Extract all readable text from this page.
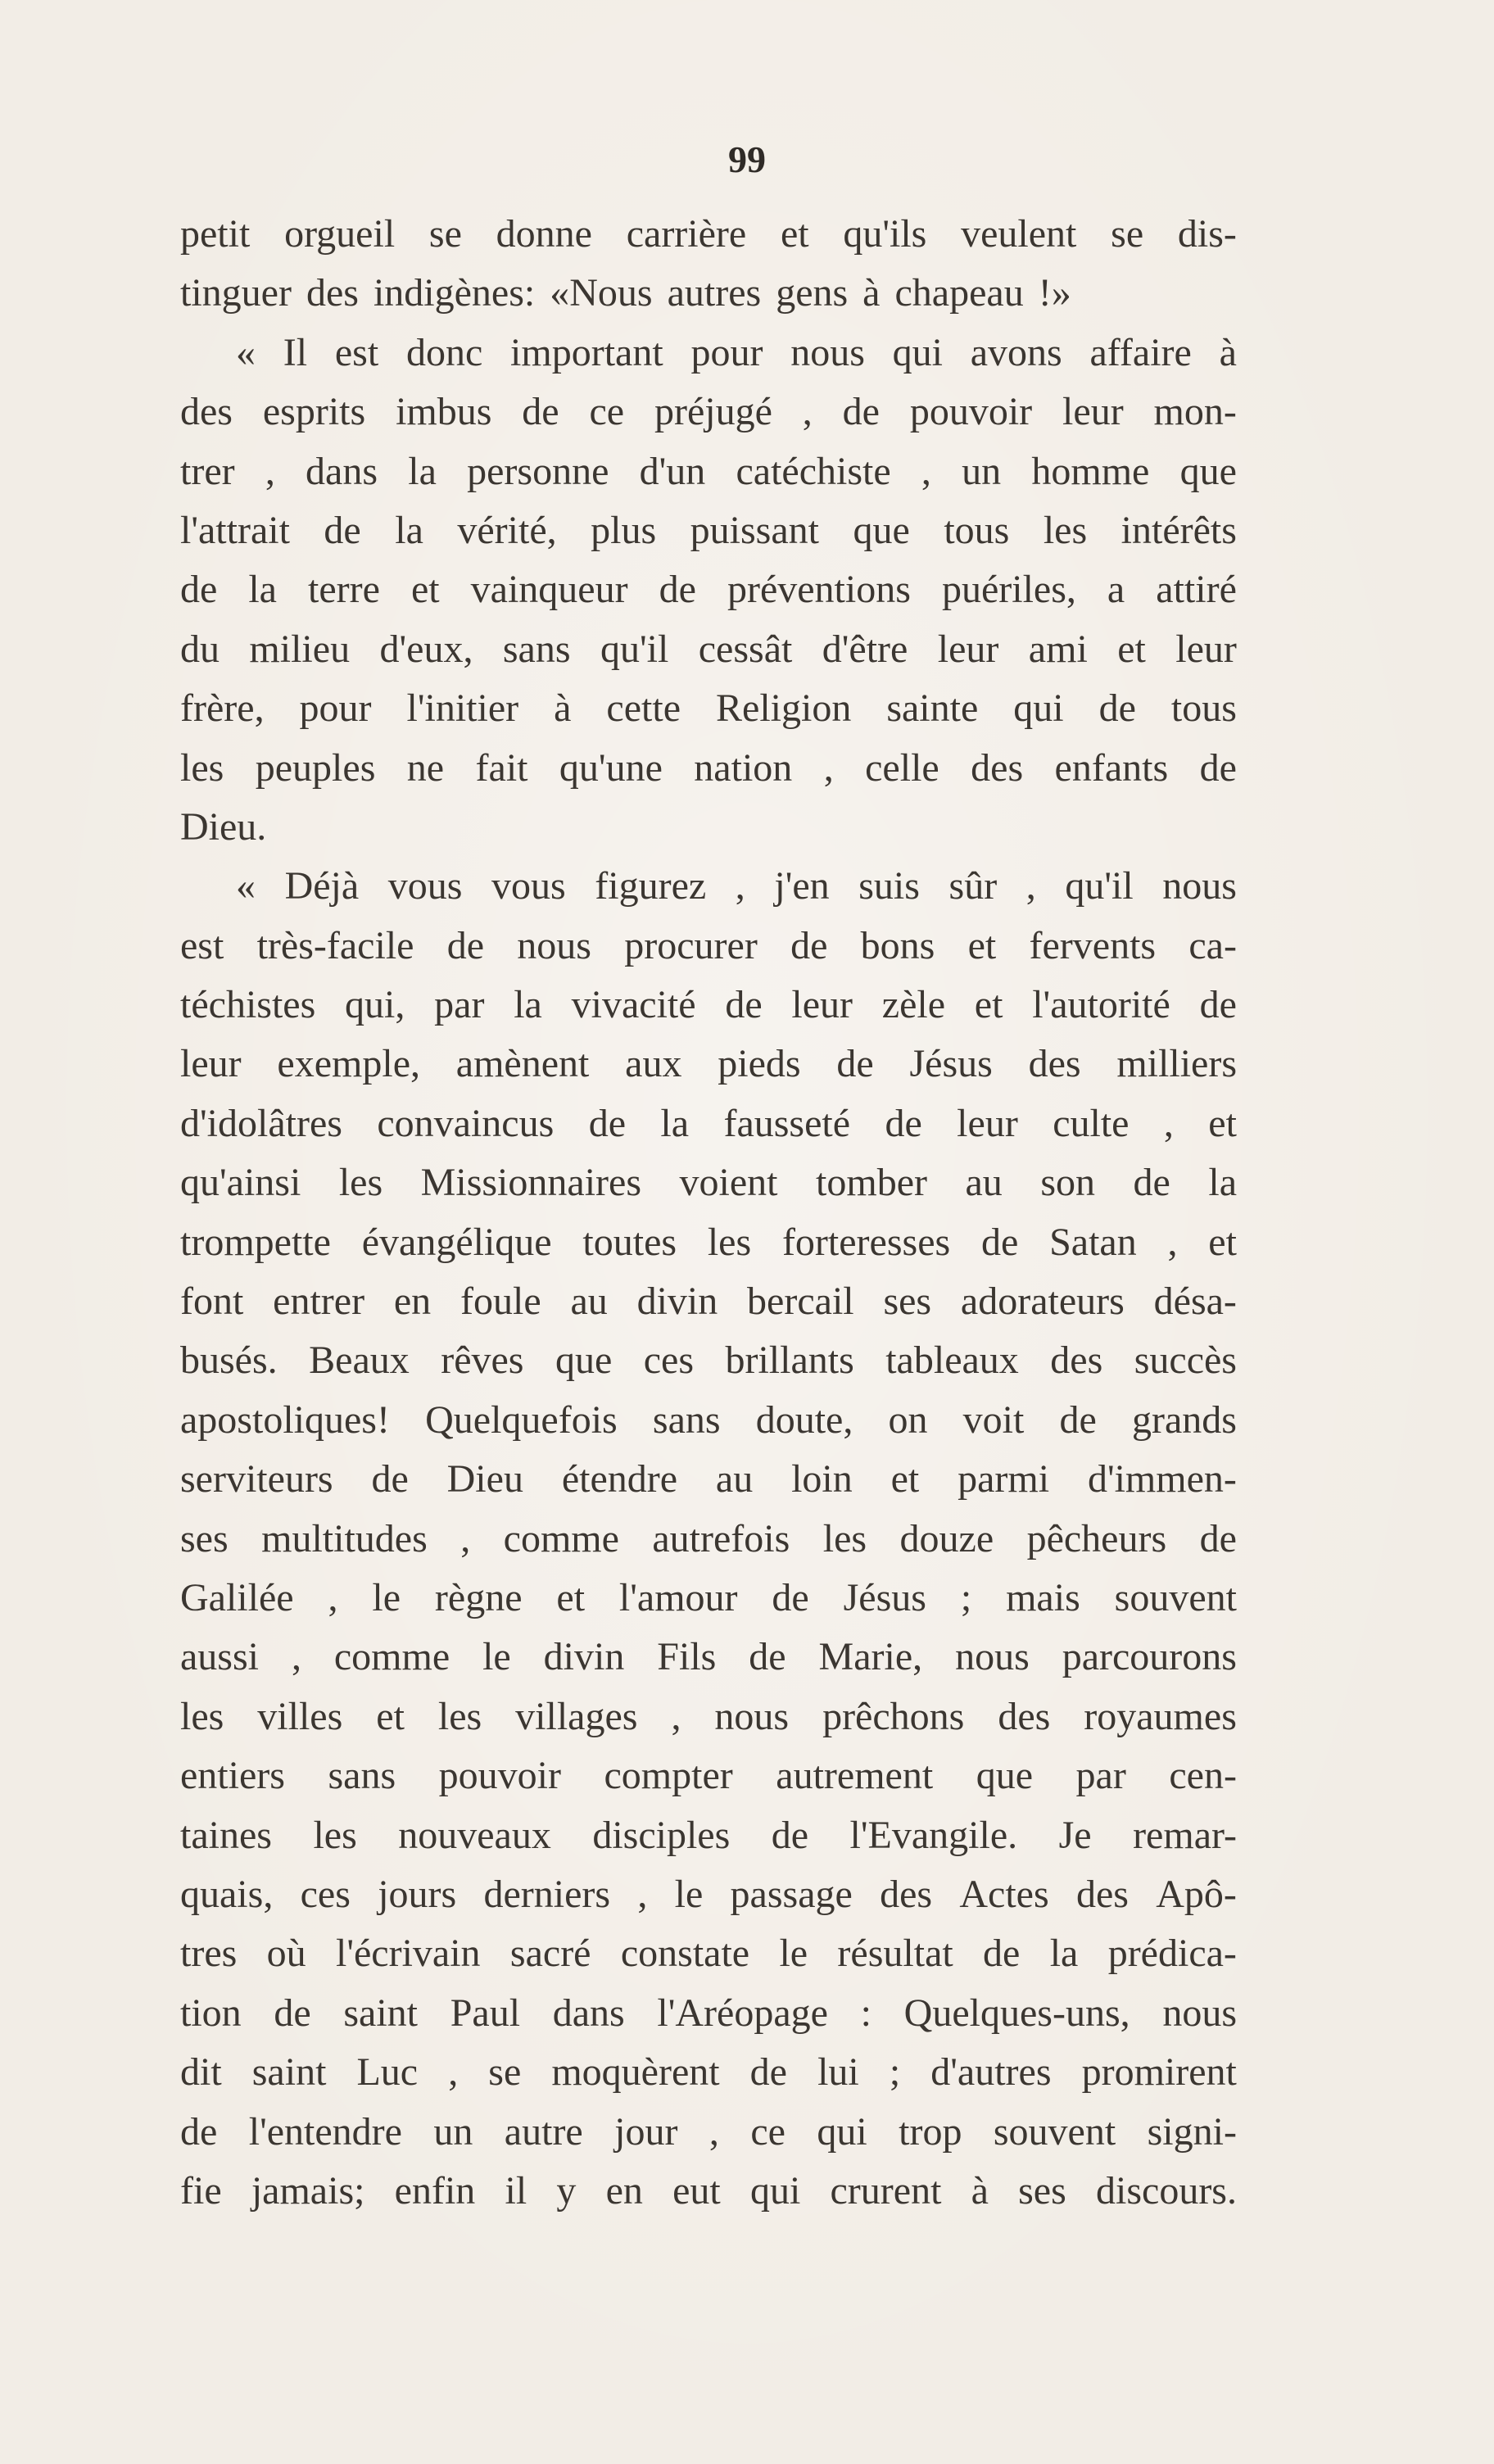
99
petit orgueil se donne carrière et qu'ils veulent se dis-
tinguer des indigènes: «Nous autres gens à chapeau !»
« Il est donc important pour nous qui avons affaire à
des esprits imbus de ce préjugé , de pouvoir leur mon-
trer , dans la personne d'un catéchiste , un homme que
l'attrait de la vérité, plus puissant que tous les intérêts
de la terre et vainqueur de préventions puériles, a attiré
du milieu d'eux, sans qu'il cessât d'être leur ami et leur
frère, pour l'initier à cette Religion sainte qui de tous
les peuples ne fait qu'une nation , celle des enfants de
Dieu.
« Déjà vous vous figurez , j'en suis sûr , qu'il nous
est très-facile de nous procurer de bons et fervents ca-
téchistes qui, par la vivacité de leur zèle et l'autorité de
leur exemple, amènent aux pieds de Jésus des milliers
d'idolâtres convaincus de la fausseté de leur culte , et
qu'ainsi les Missionnaires voient tomber au son de la
trompette évangélique toutes les forteresses de Satan , et
font entrer en foule au divin bercail ses adorateurs désa-
busés. Beaux rêves que ces brillants tableaux des succès
apostoliques! Quelquefois sans doute, on voit de grands
serviteurs de Dieu étendre au loin et parmi d'immen-
ses multitudes , comme autrefois les douze pêcheurs de
Galilée , le règne et l'amour de Jésus ; mais souvent
aussi , comme le divin Fils de Marie, nous parcourons
les villes et les villages , nous prêchons des royaumes
entiers sans pouvoir compter autrement que par cen-
taines les nouveaux disciples de l'Evangile. Je remar-
quais, ces jours derniers , le passage des Actes des Apô-
tres où l'écrivain sacré constate le résultat de la prédica-
tion de saint Paul dans l'Aréopage : Quelques-uns, nous
dit saint Luc , se moquèrent de lui ; d'autres promirent
de l'entendre un autre jour , ce qui trop souvent signi-
fie jamais; enfin il y en eut qui crurent à ses discours.
